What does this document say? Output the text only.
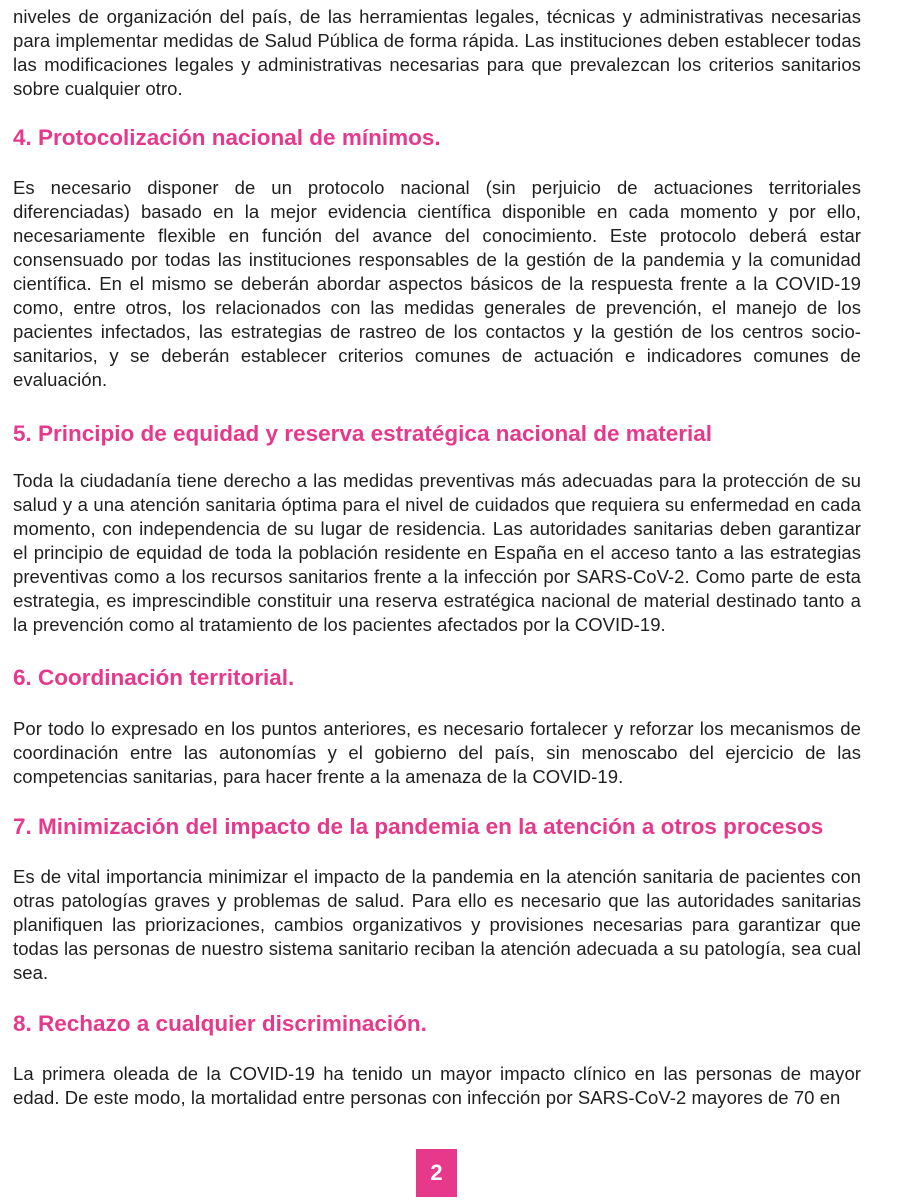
niveles de organización del país, de las herramientas legales, técnicas y administrativas necesarias para implementar medidas de Salud Pública de forma rápida. Las instituciones deben establecer todas las modificaciones legales y administrativas necesarias para que prevalezcan los criterios sanitarios sobre cualquier otro.

4. Protocolización nacional de mínimos.

Es necesario disponer de un protocolo nacional (sin perjuicio de actuaciones territoriales diferenciadas) basado en la mejor evidencia científica disponible en cada momento y por ello, necesariamente flexible en función del avance del conocimiento. Este protocolo deberá estar consensuado por todas las instituciones responsables de la gestión de la pandemia y la comunidad científica. En el mismo se deberán abordar aspectos básicos de la respuesta frente a la COVID-19 como, entre otros, los relacionados con las medidas generales de prevención, el manejo de los pacientes infectados, las estrategias de rastreo de los contactos y la gestión de los centros socio-sanitarios, y se deberán establecer criterios comunes de actuación e indicadores comunes de evaluación.

5. Principio de equidad y reserva estratégica nacional de material

Toda la ciudadanía tiene derecho a las medidas preventivas más adecuadas para la protección de su salud y a una atención sanitaria óptima para el nivel de cuidados que requiera su enfermedad en cada momento, con independencia de su lugar de residencia. Las autoridades sanitarias deben garantizar el principio de equidad de toda la población residente en España en el acceso tanto a las estrategias preventivas como a los recursos sanitarios frente a la infección por SARS-CoV-2. Como parte de esta estrategia, es imprescindible constituir una reserva estratégica nacional de material destinado tanto a la prevención como al tratamiento de los pacientes afectados por la COVID-19.

6. Coordinación territorial.

Por todo lo expresado en los puntos anteriores, es necesario fortalecer y reforzar los mecanismos de coordinación entre las autonomías y el gobierno del país, sin menoscabo del ejercicio de las competencias sanitarias, para hacer frente a la amenaza de la COVID-19.

7. Minimización del impacto de la pandemia en la atención a otros procesos

Es de vital importancia minimizar el impacto de la pandemia en la atención sanitaria de pacientes con otras patologías graves y problemas de salud. Para ello es necesario que las autoridades sanitarias planifiquen las priorizaciones, cambios organizativos y provisiones necesarias para garantizar que todas las personas de nuestro sistema sanitario reciban la atención adecuada a su patología, sea cual sea.

8. Rechazo a cualquier discriminación.

La primera oleada de la COVID-19 ha tenido un mayor impacto clínico en las personas de mayor edad. De este modo, la mortalidad entre personas con infección por SARS-CoV-2 mayores de 70 en

2
